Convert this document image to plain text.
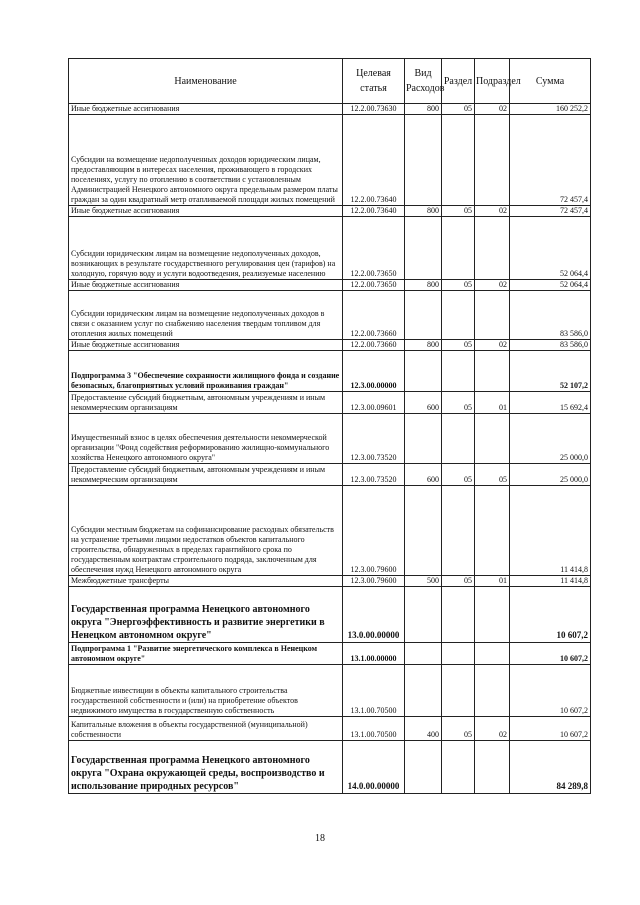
Наименование	Целевая статья	Вид Расходов	Раздел	Подраздел	Сумма
Иные бюджетные ассигнования	12.2.00.73630	800	05	02	160 252,2
Субсидии на возмещение недополученных доходов юридическим лицам, предоставляющим в интересах населения, проживающего в городских поселениях, услугу по отоплению в соответствии с установленным Администрацией Ненецкого автономного округа предельным размером платы граждан за один квадратный метр отапливаемой площади жилых помещений	12.2.00.73640				72 457,4
Иные бюджетные ассигнования	12.2.00.73640	800	05	02	72 457,4
Субсидии юридическим лицам на возмещение недополученных доходов, возникающих в результате государственного регулирования цен (тарифов) на холодную, горячую воду и услуги водоотведения, реализуемые населению	12.2.00.73650				52 064,4
Иные бюджетные ассигнования	12.2.00.73650	800	05	02	52 064,4
Субсидии юридическим лицам на возмещение недополученных доходов в связи с оказанием услуг по снабжению населения твердым топливом для отопления жилых помещений	12.2.00.73660				83 586,0
Иные бюджетные ассигнования	12.2.00.73660	800	05	02	83 586,0
Подпрограмма 3 "Обеспечение сохранности жилищного фонда и создание безопасных, благоприятных условий проживания граждан"	12.3.00.00000				52 107,2
Предоставление субсидий бюджетным, автономным учреждениям и иным некоммерческим организациям	12.3.00.09601	600	05	01	15 692,4
Имущественный взнос в целях обеспечения деятельности некоммерческой организации "Фонд содействия реформированию жилищно-коммунального хозяйства Ненецкого автономного округа"	12.3.00.73520				25 000,0
Предоставление субсидий бюджетным, автономным учреждениям и иным некоммерческим организациям	12.3.00.73520	600	05	05	25 000,0
Субсидии местным бюджетам на софинансирование расходных обязательств на устранение третьими лицами недостатков объектов капитального строительства, обнаруженных в пределах гарантийного срока по государственным контрактам строительного подряда, заключенным для обеспечения нужд Ненецкого автономного округа	12.3.00.79600				11 414,8
Межбюджетные трансферты	12.3.00.79600	500	05	01	11 414,8
Государственная программа Ненецкого автономного округа "Энергоэффективность и развитие энергетики в Ненецком автономном округе"	13.0.00.00000				10 607,2
Подпрограмма 1 "Развитие энергетического комплекса в Ненецком автономном округе"	13.1.00.00000				10 607,2
Бюджетные инвестиции в объекты капитального строительства государственной собственности и (или) на приобретение объектов недвижимого имущества в государственную собственность	13.1.00.70500				10 607,2
Капитальные вложения в объекты государственной (муниципальной) собственности	13.1.00.70500	400	05	02	10 607,2
Государственная программа Ненецкого автономного округа "Охрана окружающей среды, воспроизводство и использование природных ресурсов"	14.0.00.00000				84 289,8
18
